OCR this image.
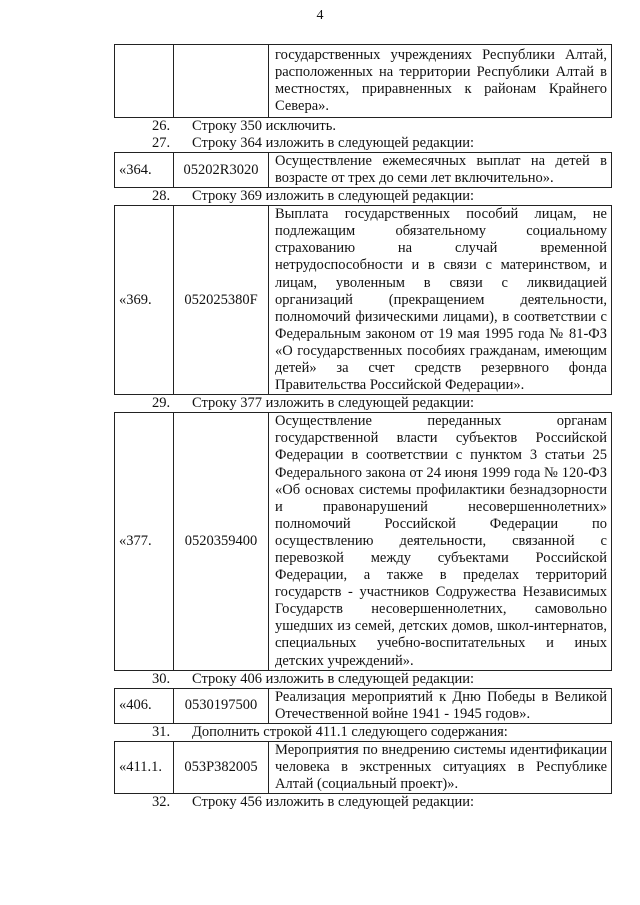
4
		государственных учреждениях Республики Алтай, расположенных на территории Республики Алтай в местностях, приравненных к районам Крайнего Севера».
26. Строку 350 исключить.
27. Строку 364 изложить в следующей редакции:
«364.	05202R3020	Осуществление ежемесячных выплат на детей в возрасте от трех до семи лет включительно».
28. Строку 369 изложить в следующей редакции:
«369.	052025380F	Выплата государственных пособий лицам, не подлежащим обязательному социальному страхованию на случай временной нетрудоспособности и в связи с материнством, и лицам, уволенным в связи с ликвидацией организаций (прекращением деятельности, полномочий физическими лицами), в соответствии с Федеральным законом от 19 мая 1995 года № 81-ФЗ «О государственных пособиях гражданам, имеющим детей» за счет средств резервного фонда Правительства Российской Федерации».
29. Строку 377 изложить в следующей редакции:
«377.	0520359400	Осуществление переданных органам государственной власти субъектов Российской Федерации в соответствии с пунктом 3 статьи 25 Федерального закона от 24 июня 1999 года № 120-ФЗ «Об основах системы профилактики безнадзорности и правонарушений несовершеннолетних» полномочий Российской Федерации по осуществлению деятельности, связанной с перевозкой между субъектами Российской Федерации, а также в пределах территорий государств - участников Содружества Независимых Государств несовершеннолетних, самовольно ушедших из семей, детских домов, школ-интернатов, специальных учебно-воспитательных и иных детских учреждений».
30. Строку 406 изложить в следующей редакции:
«406.	0530197500	Реализация мероприятий к Дню Победы в Великой Отечественной войне 1941 - 1945 годов».
31. Дополнить строкой 411.1 следующего содержания:
«411.1.	053P382005	Мероприятия по внедрению системы идентификации человека в экстренных ситуациях в Республике Алтай (социальный проект)».
32. Строку 456 изложить в следующей редакции:
